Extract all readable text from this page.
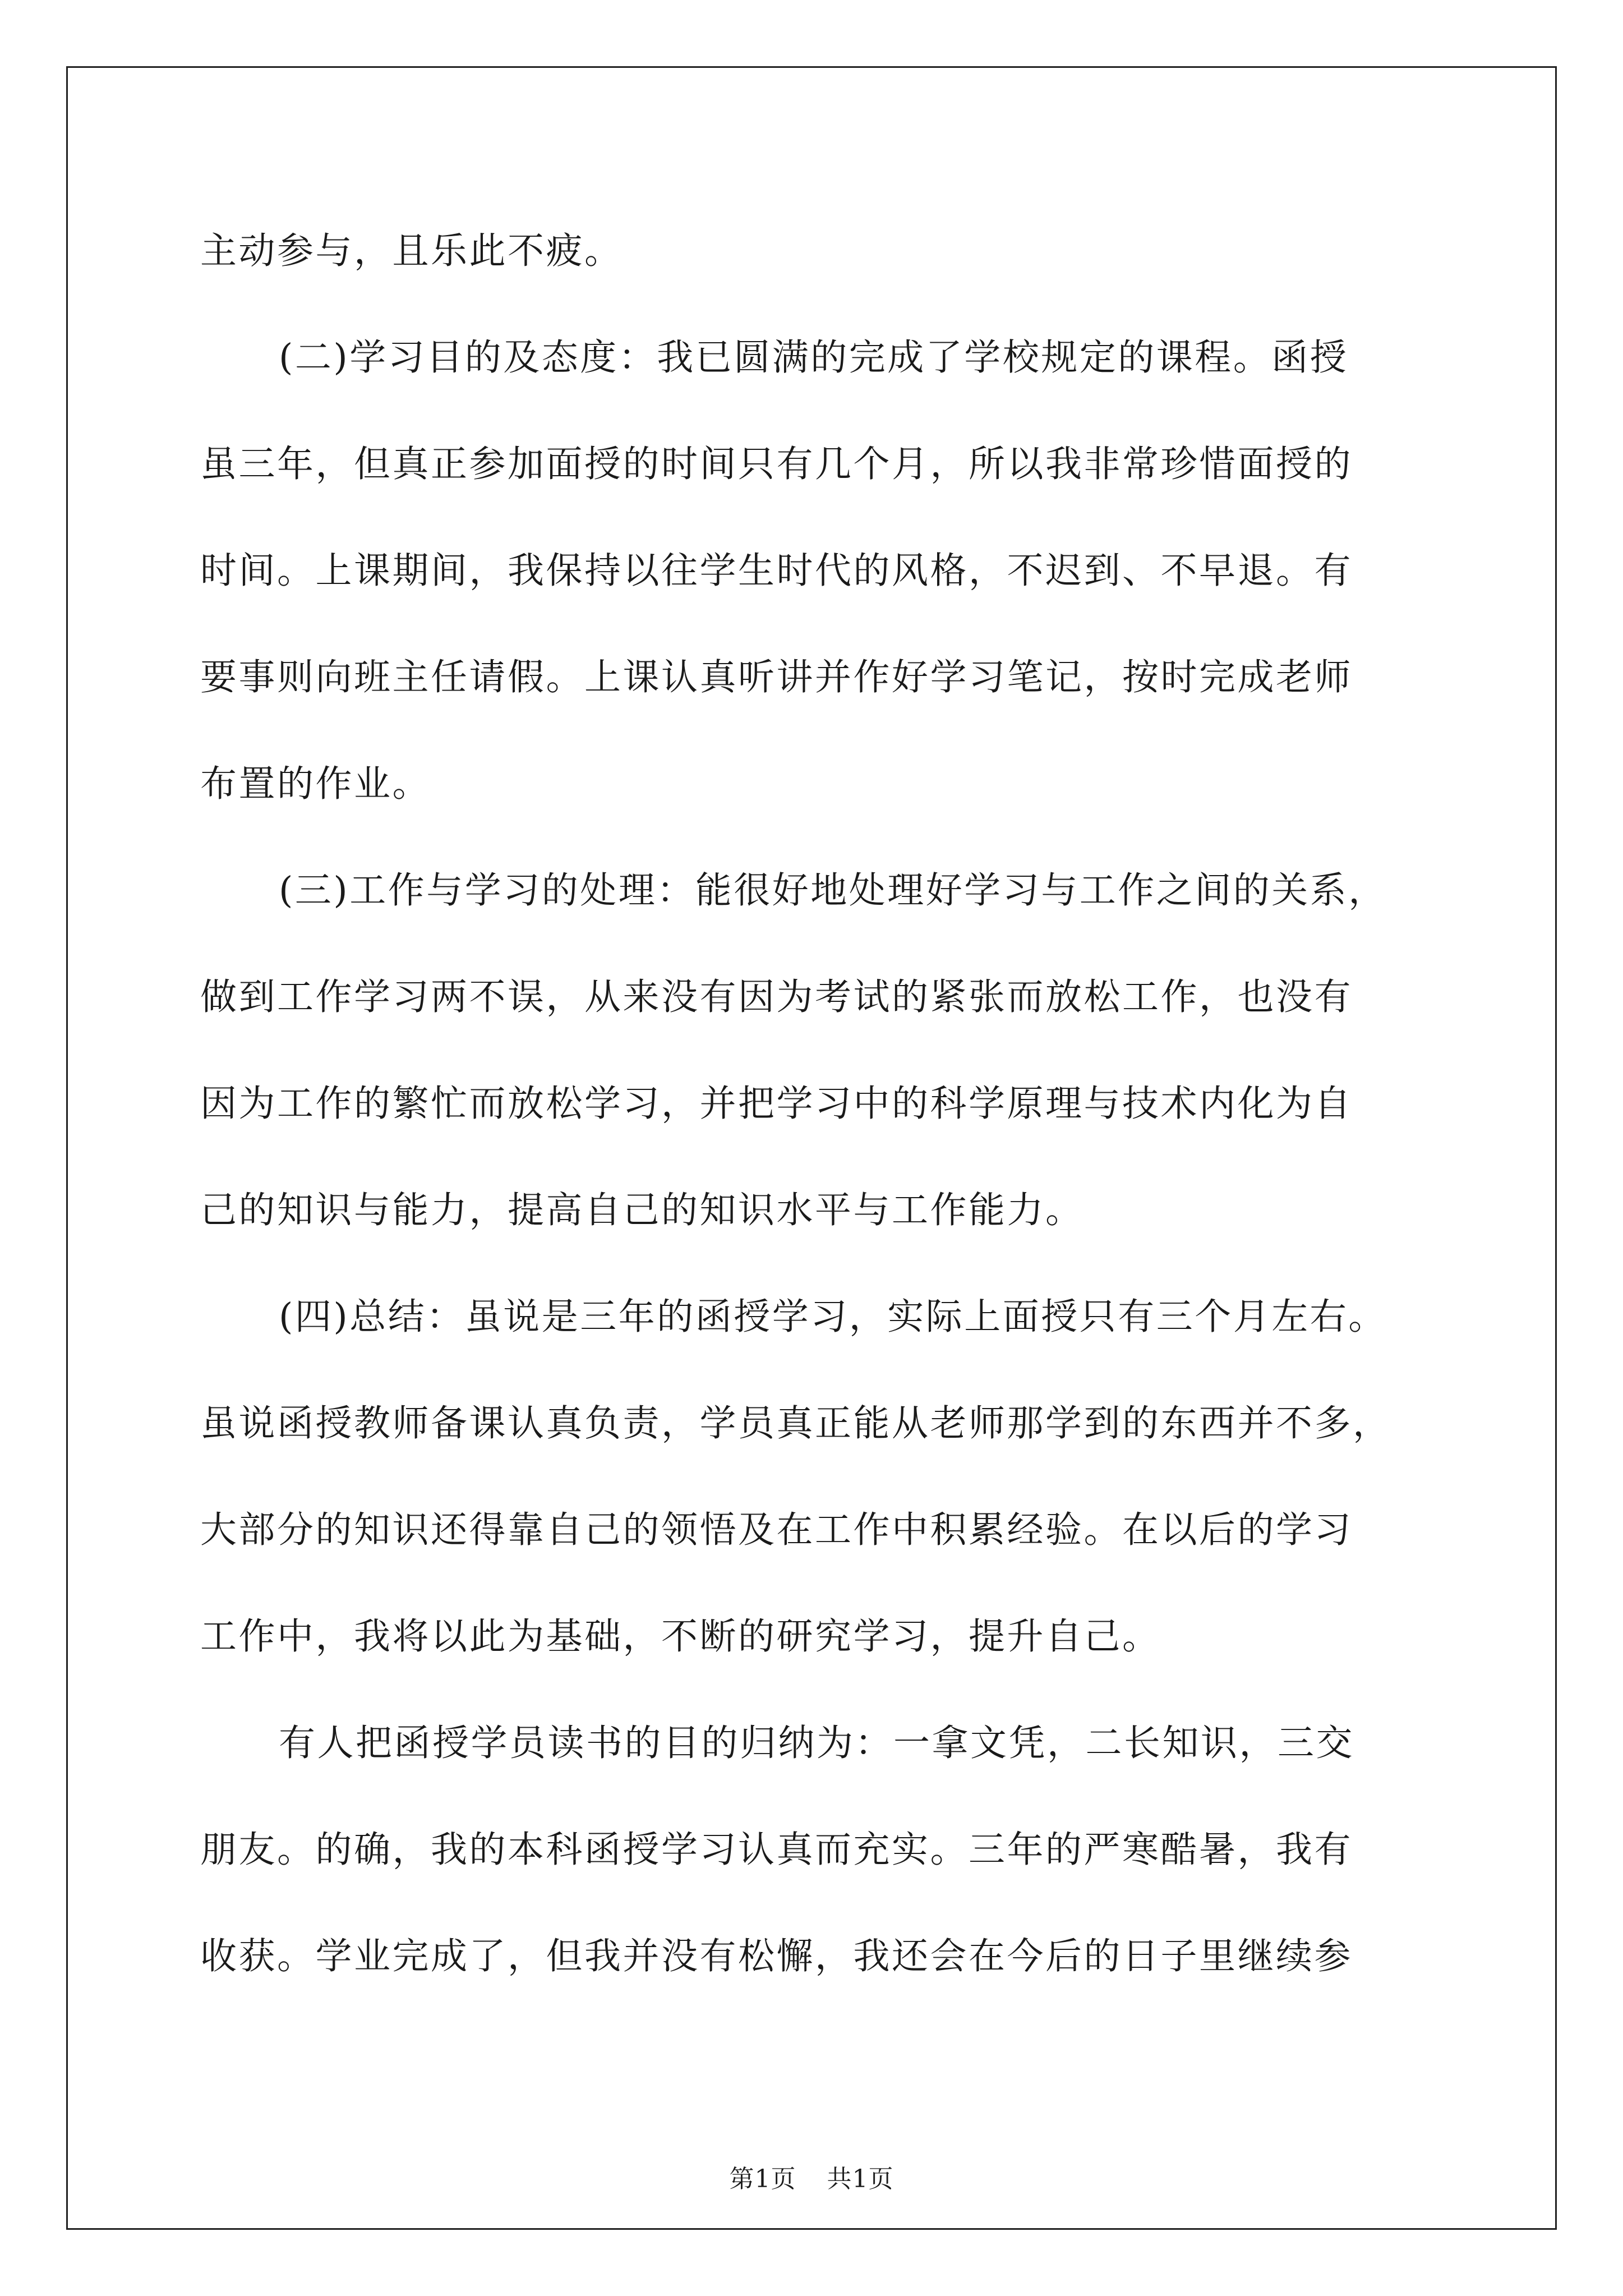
主动参与，且乐此不疲。
(二)学习目的及态度：我已圆满的完成了学校规定的课程。函授
虽三年，但真正参加面授的时间只有几个月，所以我非常珍惜面授的
时间。上课期间，我保持以往学生时代的风格，不迟到、不早退。有
要事则向班主任请假。上课认真听讲并作好学习笔记，按时完成老师
布置的作业。
(三)工作与学习的处理：能很好地处理好学习与工作之间的关系，
做到工作学习两不误，从来没有因为考试的紧张而放松工作，也没有
因为工作的繁忙而放松学习，并把学习中的科学原理与技术内化为自
己的知识与能力，提高自己的知识水平与工作能力。
(四)总结：虽说是三年的函授学习，实际上面授只有三个月左右。
虽说函授教师备课认真负责，学员真正能从老师那学到的东西并不多，
大部分的知识还得靠自己的领悟及在工作中积累经验。在以后的学习
工作中，我将以此为基础，不断的研究学习，提升自己。
有人把函授学员读书的目的归纳为：一拿文凭，二长知识，三交
朋友。的确，我的本科函授学习认真而充实。三年的严寒酷暑，我有
收获。学业完成了，但我并没有松懈，我还会在今后的日子里继续参
第1页 共1页
